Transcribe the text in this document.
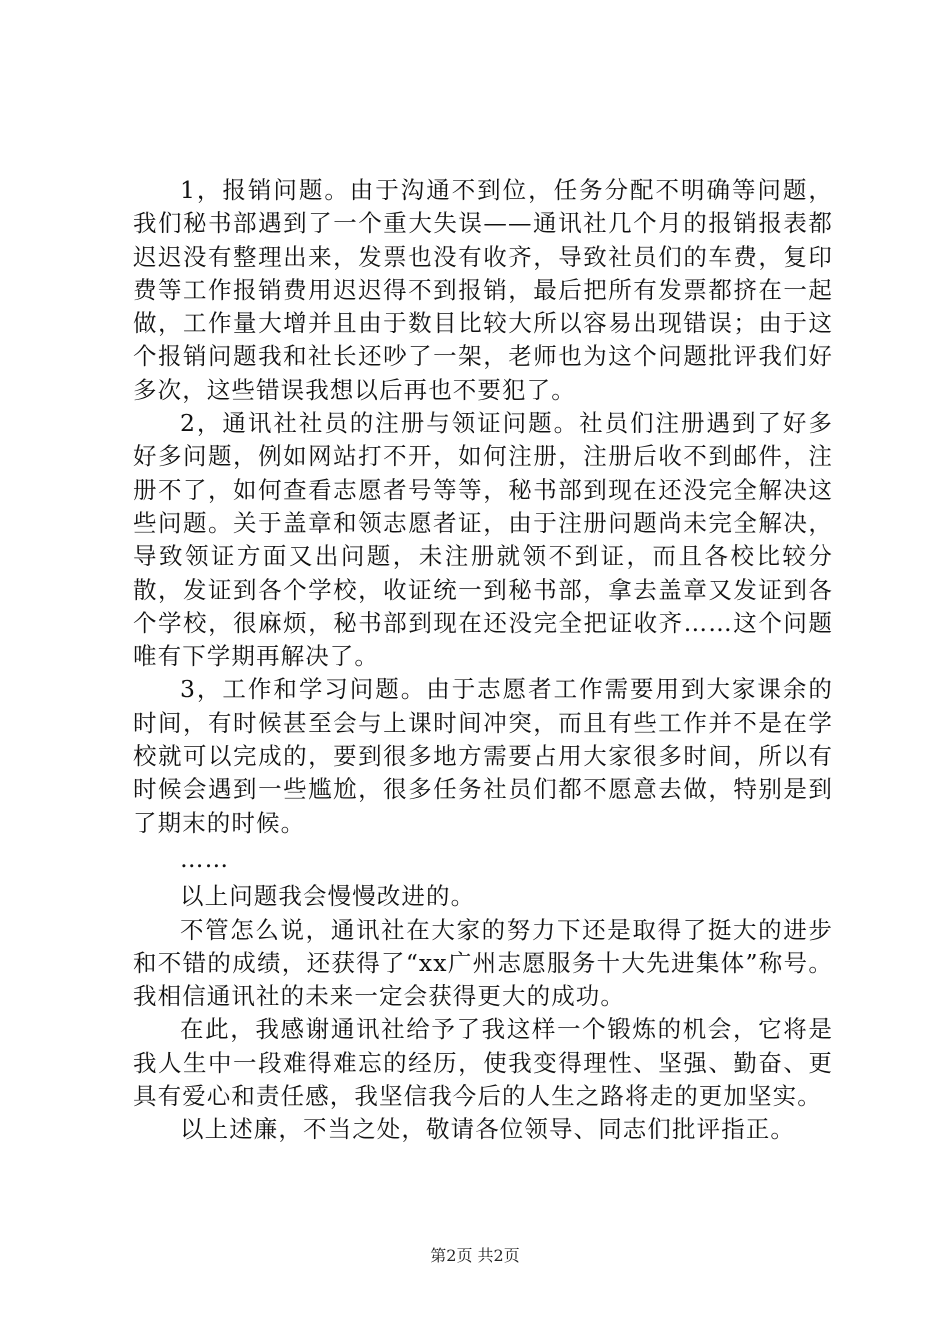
1，报销问题。由于沟通不到位，任务分配不明确等问题，我们秘书部遇到了一个重大失误——通讯社几个月的报销报表都迟迟没有整理出来，发票也没有收齐，导致社员们的车费，复印费等工作报销费用迟迟得不到报销，最后把所有发票都挤在一起做，工作量大增并且由于数目比较大所以容易出现错误；由于这个报销问题我和社长还吵了一架，老师也为这个问题批评我们好多次，这些错误我想以后再也不要犯了。

2，通讯社社员的注册与领证问题。社员们注册遇到了好多好多问题，例如网站打不开，如何注册，注册后收不到邮件，注册不了，如何查看志愿者号等等，秘书部到现在还没完全解决这些问题。关于盖章和领志愿者证，由于注册问题尚未完全解决，导致领证方面又出问题，未注册就领不到证，而且各校比较分散，发证到各个学校，收证统一到秘书部，拿去盖章又发证到各个学校，很麻烦，秘书部到现在还没完全把证收齐……这个问题唯有下学期再解决了。

3，工作和学习问题。由于志愿者工作需要用到大家课余的时间，有时候甚至会与上课时间冲突，而且有些工作并不是在学校就可以完成的，要到很多地方需要占用大家很多时间，所以有时候会遇到一些尴尬，很多任务社员们都不愿意去做，特别是到了期末的时候。

……

以上问题我会慢慢改进的。

不管怎么说，通讯社在大家的努力下还是取得了挺大的进步和不错的成绩，还获得了“xx广州志愿服务十大先进集体”称号。我相信通讯社的未来一定会获得更大的成功。

在此，我感谢通讯社给予了我这样一个锻炼的机会，它将是我人生中一段难得难忘的经历，使我变得理性、坚强、勤奋、更具有爱心和责任感，我坚信我今后的人生之路将走的更加坚实。

以上述廉，不当之处，敬请各位领导、同志们批评指正。

第2页 共2页
